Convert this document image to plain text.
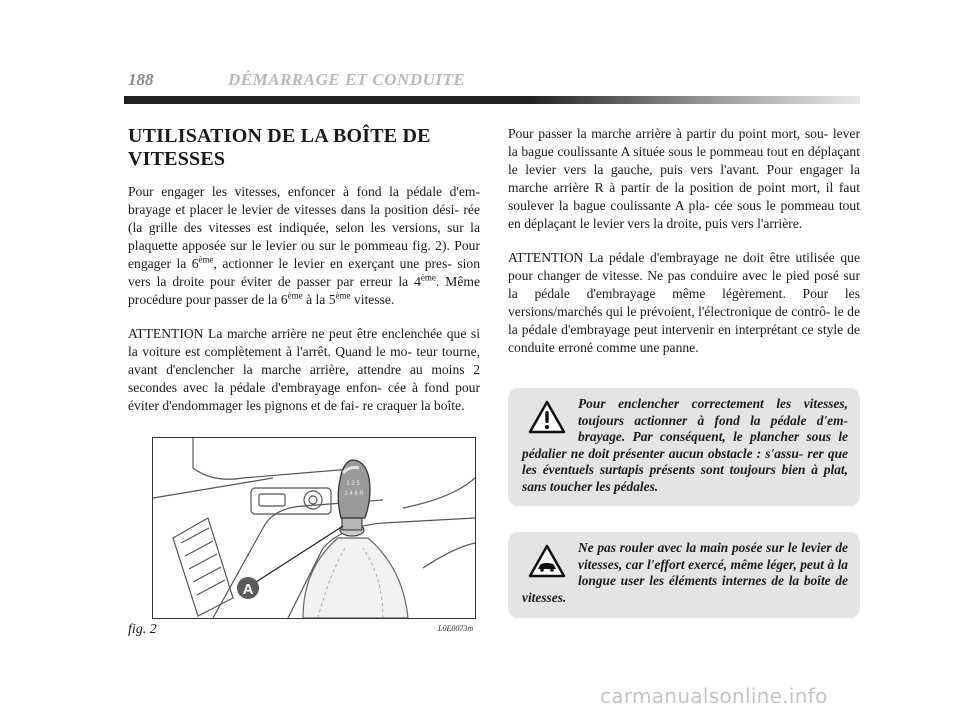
188	DÉMARRAGE ET CONDUITE
UTILISATION DE LA BOÎTE DE VITESSES

Pour engager les vitesses, enfoncer à fond la pédale d'em- brayage et placer le levier de vitesses dans la position dési- rée (la grille des vitesses est indiquée, selon les versions, sur la plaquette apposée sur le levier ou sur le pommeau fig. 2). Pour engager la 6ème, actionner le levier en exerçant une pres- sion vers la droite pour éviter de passer par erreur la 4ème. Même procédure pour passer de la 6ème à la 5ème vitesse.

ATTENTION La marche arrière ne peut être enclenchée que si la voiture est complètement à l'arrêt. Quand le mo- teur tourne, avant d'enclencher la marche arrière, attendre au moins 2 secondes avec la pédale d'embrayage enfon- cée à fond pour éviter d'endommager les pignons et de fai- re craquer la boîte.

1 3 5
2 4 6 R
A
fig. 2	L0E0073m

Pour passer la marche arrière à partir du point mort, sou- lever la bague coulissante A située sous le pommeau tout en déplaçant le levier vers la gauche, puis vers l'avant. Pour engager la marche arrière R à partir de la position de point mort, il faut soulever la bague coulissante A pla- cée sous le pommeau tout en déplaçant le levier vers la droite, puis vers l'arrière.

ATTENTION La pédale d'embrayage ne doit être utilisée que pour changer de vitesse. Ne pas conduire avec le pied posé sur la pédale d'embrayage même légèrement. Pour les versions/marchés qui le prévoient, l'électronique de contrô- le de la pédale d'embrayage peut intervenir en interprétant ce style de conduite erroné comme une panne.

Pour enclencher correctement les vitesses, toujours actionner à fond la pédale d'em- brayage. Par conséquent, le plancher sous le pédalier ne doit présenter aucun obstacle : s'assu- rer que les éventuels surtapis présents sont toujours bien à plat, sans toucher les pédales.

Ne pas rouler avec la main posée sur le levier de vitesses, car l'effort exercé, même léger, peut à la longue user les éléments internes de la boîte de vitesses.

carmanualsonline.info
